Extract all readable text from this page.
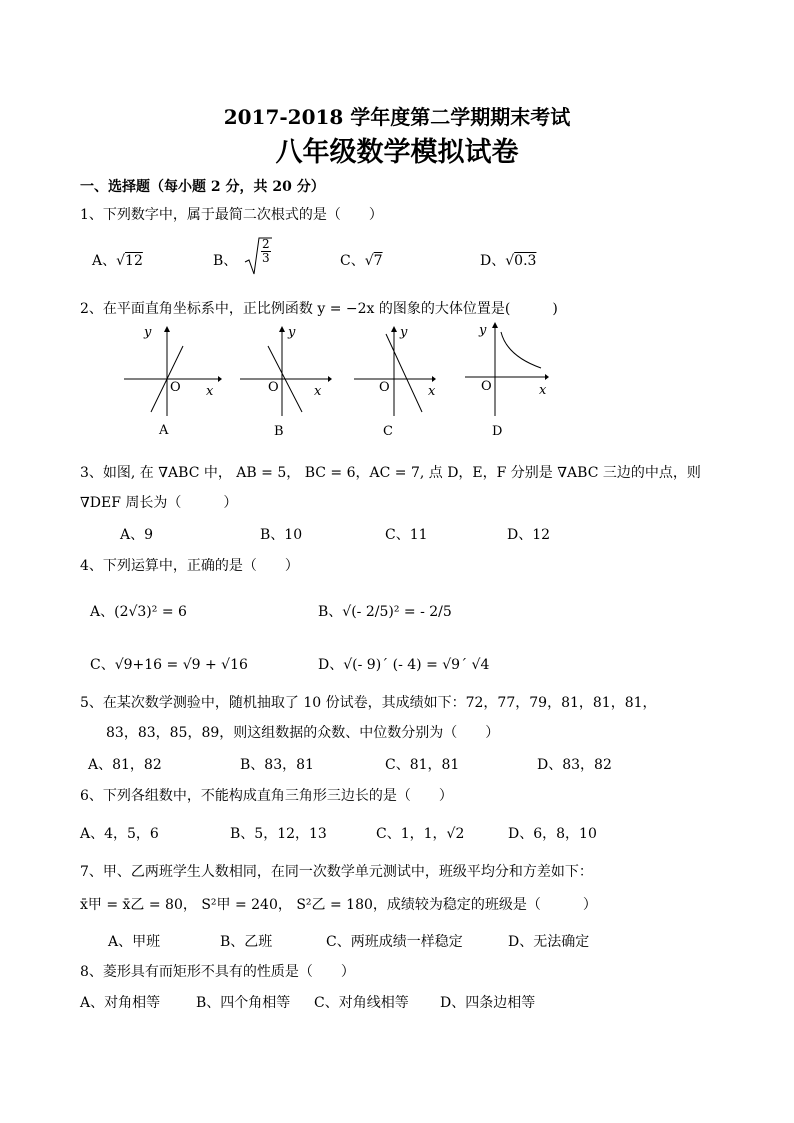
2017-2018 学年度第二学期期末考试
八年级数学模拟试卷
一、选择题（每小题 2 分，共 20 分）
1、下列数字中，属于最简二次根式的是（　　）
A、√12	B、 $\frac{2}{3}$	C、√7	D、√0.3
2、在平面直角坐标系中，正比例函数 y = −2x 的图象的大体位置是(　　　)
y
O x
A
y
O	x
B
y
O	x
C
y
O	x
D
3、如图, 在 ∇ABC 中， AB = 5， BC = 6，AC = 7, 点 D，E，F 分别是 ∇ABC 三边的中点，则
∇DEF 周长为（　　　）
A、9	B、10	C、11	D、12
4、下列运算中，正确的是（　　）
A、(2√3)² = 6	B、√(- 2/5)² = - 2/5
C、√9+16 = √9 + √16	D、√(- 9)´ (- 4) = √9´ √4
5、在某次数学测验中，随机抽取了 10 份试卷，其成绩如下：72，77，79，81，81，81，
83，83，85，89，则这组数据的众数、中位数分别为（　　）
A、81，82	B、83，81	C、81，81	D、83，82
6、下列各组数中，不能构成直角三角形三边长的是（　　）
A、4，5，6	B、5，12，13	C、1，1，√2	D、6，8，10
7、甲、乙两班学生人数相同，在同一次数学单元测试中，班级平均分和方差如下：
x̄甲 = x̄乙 = 80， S²甲 = 240， S²乙 = 180，成绩较为稳定的班级是（　　　）
A、甲班	B、乙班	C、两班成绩一样稳定	D、无法确定
8、菱形具有而矩形不具有的性质是（　　）
A、对角相等	B、四个角相等 C、对角线相等 D、四条边相等
